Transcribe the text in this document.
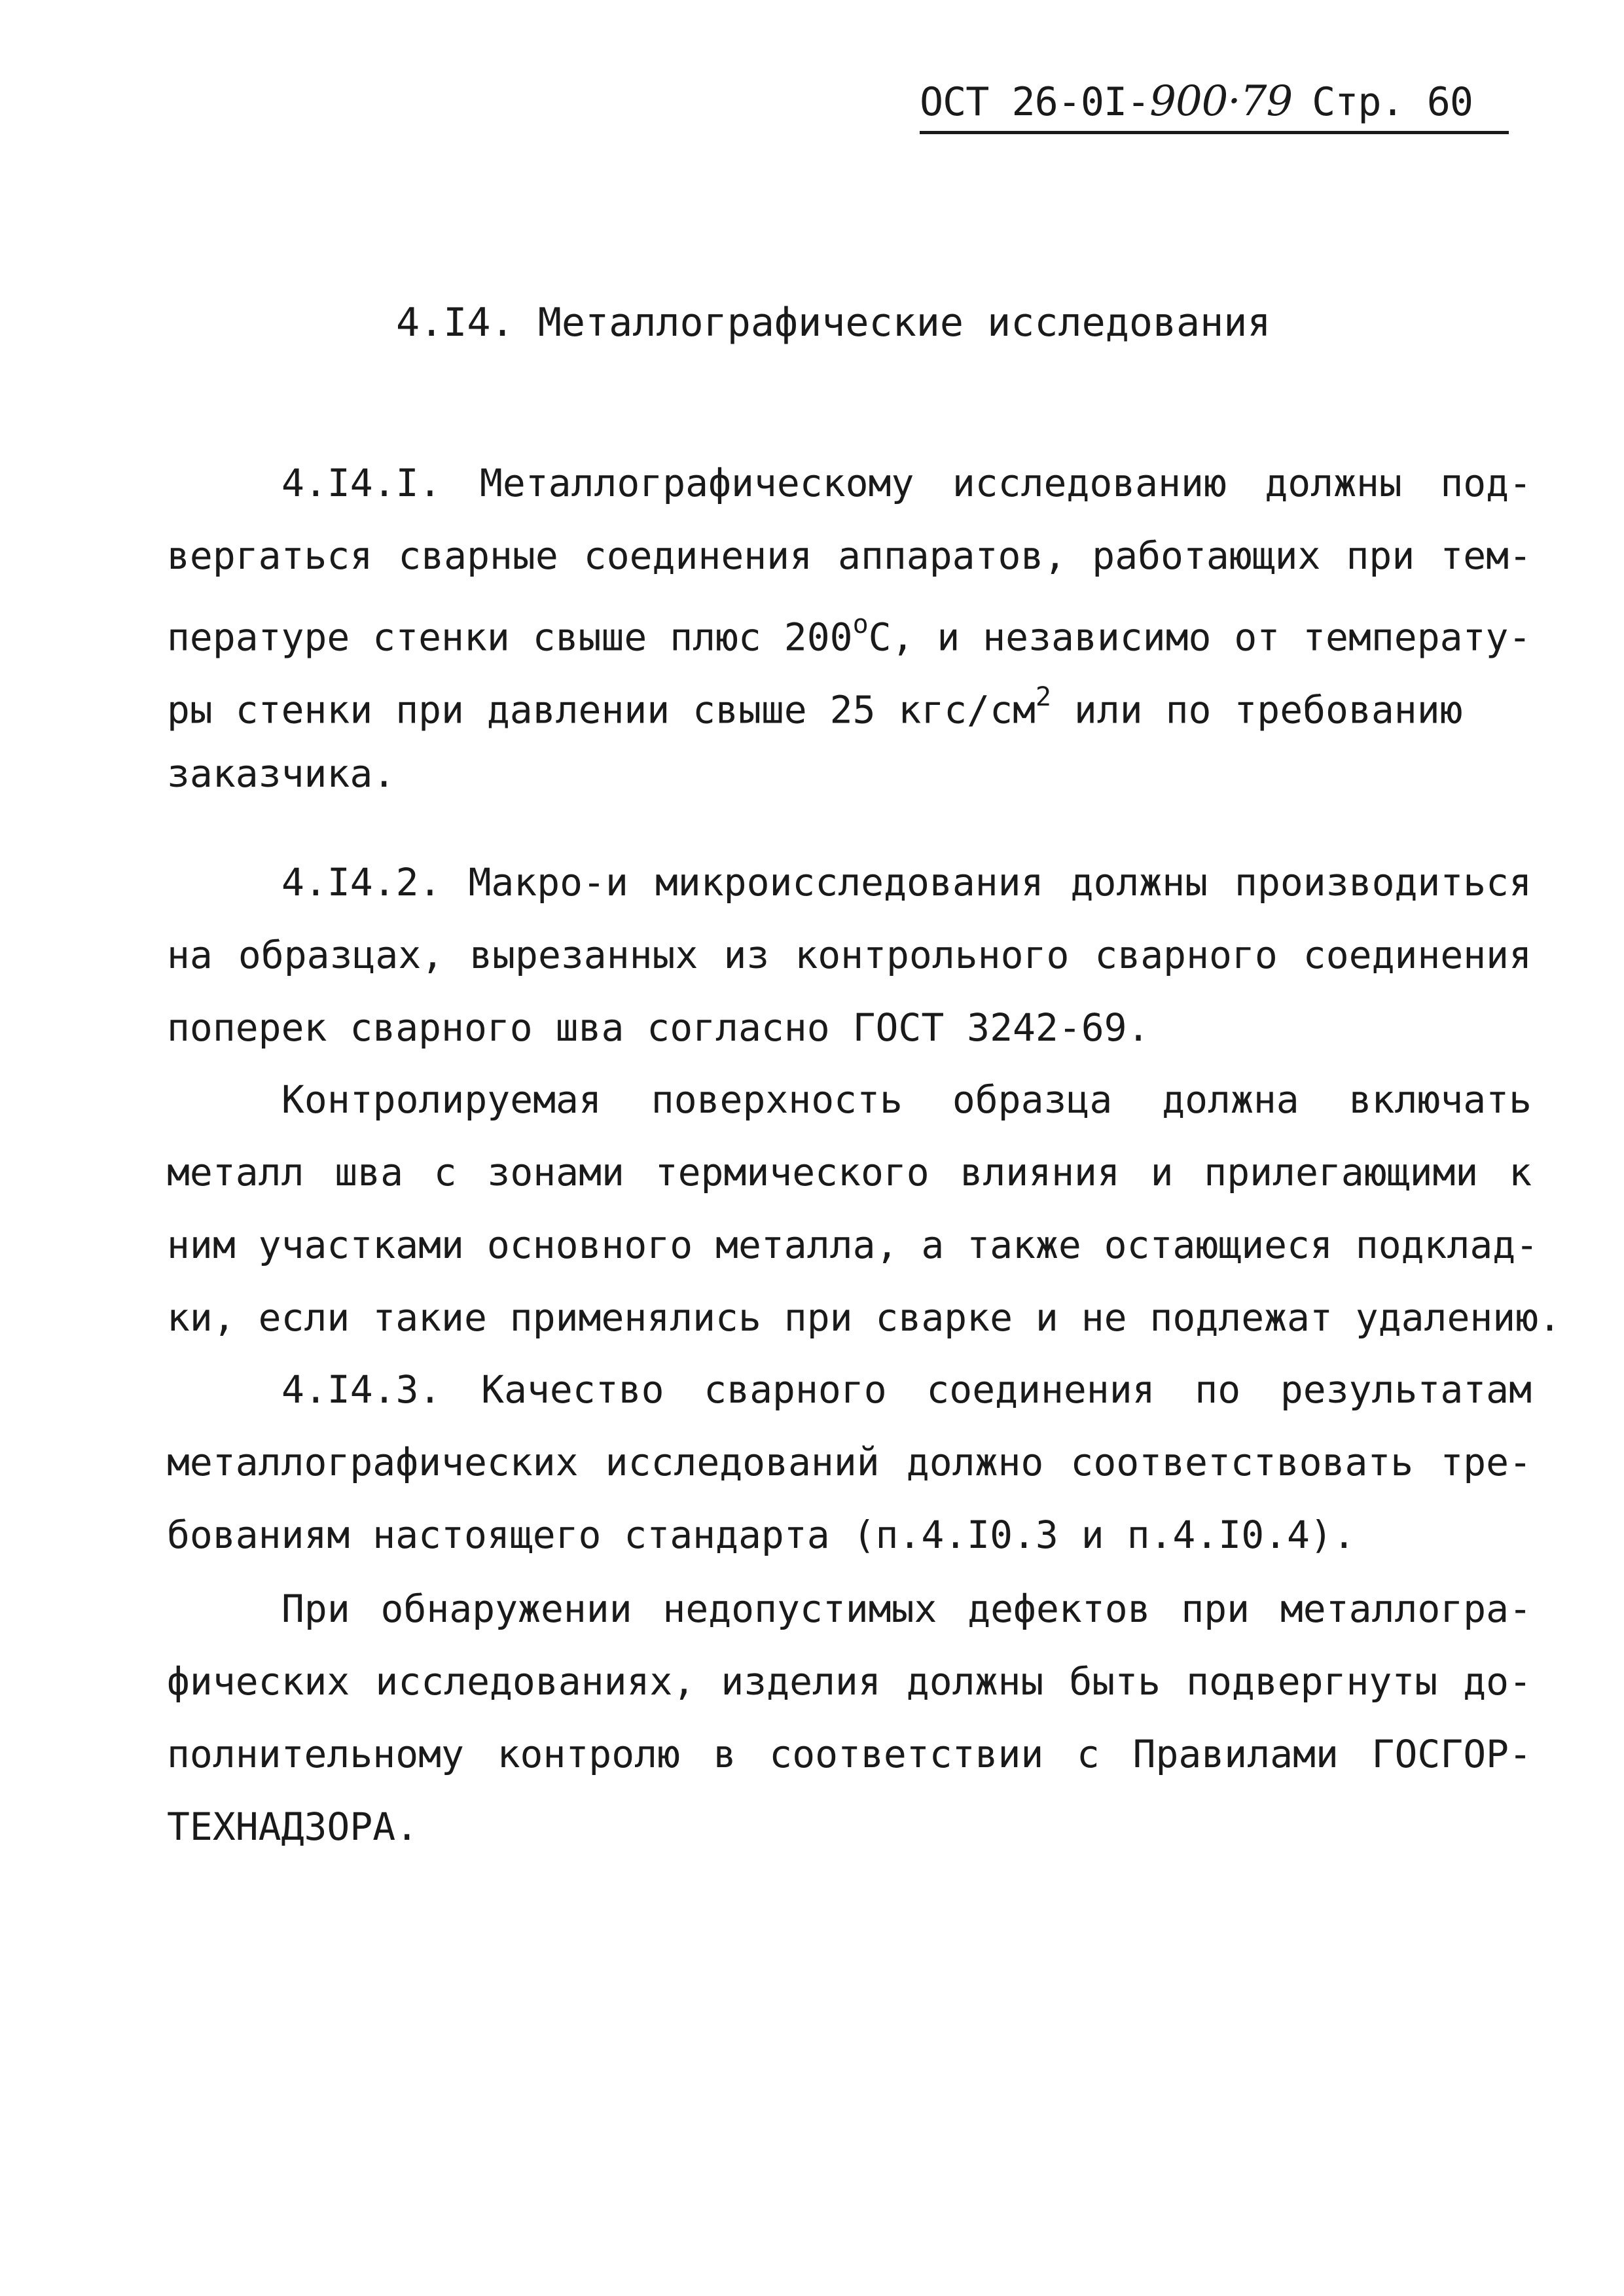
ОСТ 26-0I-900·79 Стр. 60
4.I4. Металлографические исследования
4.I4.I. Металлографическому исследованию должны под-
вергаться сварные соединения аппаратов, работающих при тем-
пературе стенки свыше плюс $200^оС$, и независимо от температу-
ры стенки при давлении свыше 25 кгс/$см^2$ или по требованию
заказчика.
4.I4.2. Макро-и микроисследования должны производиться
на образцах, вырезанных из контрольного сварного соединения
поперек сварного шва согласно ГОСТ 3242-69.
Контролируемая поверхность образца должна включать
металл шва с зонами термического влияния и прилегающими к
ним участками основного металла, а также остающиеся подклад-
ки, если такие применялись при сварке и не подлежат удалению.
4.I4.3. Качество сварного соединения по результатам
металлографических исследований должно соответствовать тре-
бованиям настоящего стандарта (п.4.I0.3 и п.4.I0.4).
При обнаружении недопустимых дефектов при металлогра-
фических исследованиях, изделия должны быть подвергнуты до-
полнительному контролю в соответствии с Правилами ГОСГОР-
ТЕХНАДЗОРА.
